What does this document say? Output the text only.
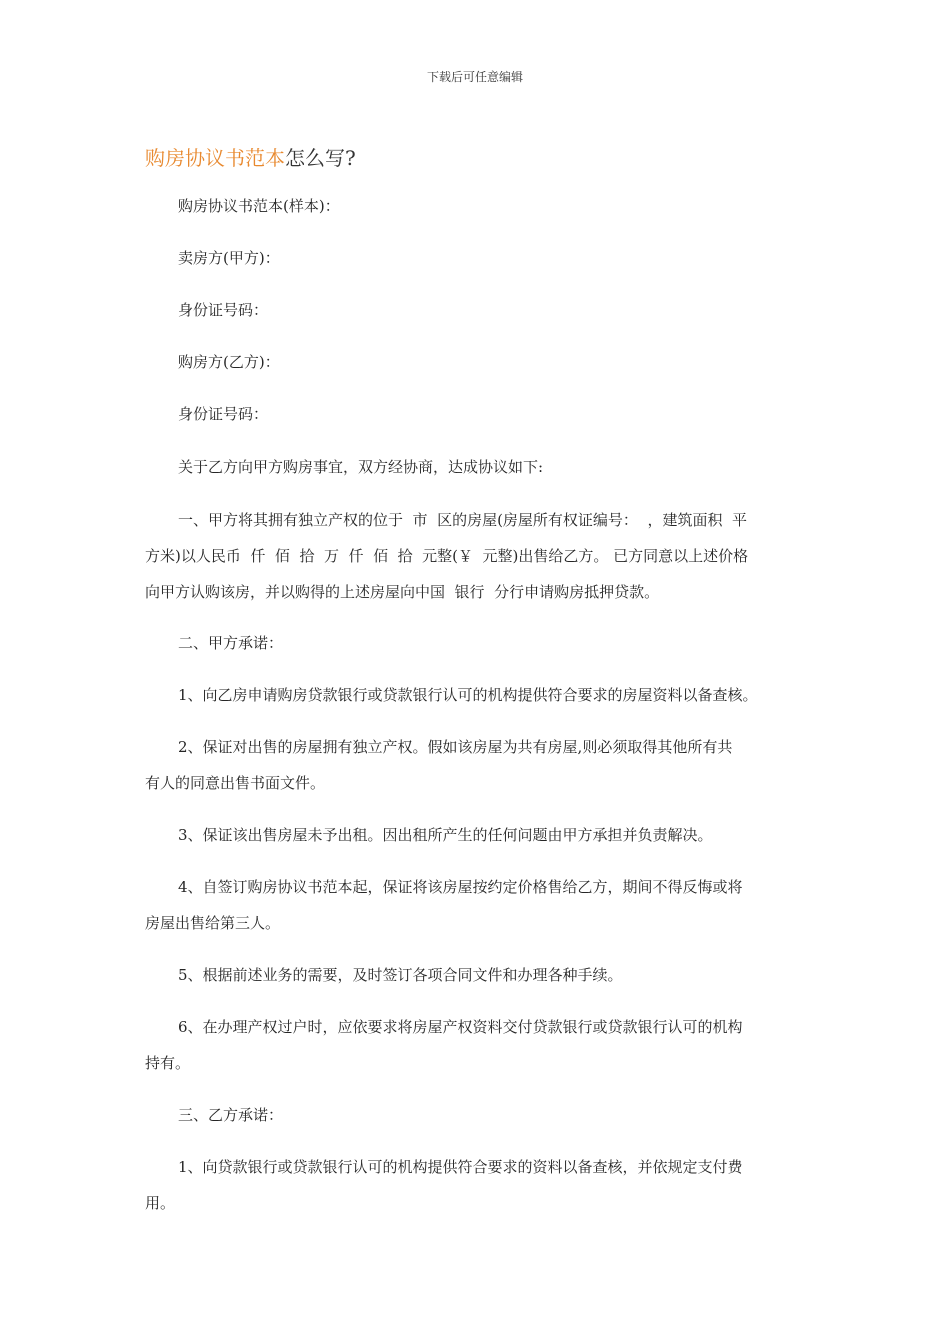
下载后可任意编辑
购房协议书范本怎么写?
购房协议书范本(样本)：
卖房方(甲方)：
身份证号码：
购房方(乙方)：
身份证号码：
关于乙方向甲方购房事宜，双方经协商，达成协议如下:
一、甲方将其拥有独立产权的位于  市  区的房屋(房屋所有权证编号：  ，建筑面积  平
方米)以人民币  仟  佰  拾  万  仟  佰  拾  元整(￥  元整)出售给乙方。 已方同意以上述价格
向甲方认购该房，并以购得的上述房屋向中国  银行  分行申请购房抵押贷款。
二、甲方承诺：
1、向乙房申请购房贷款银行或贷款银行认可的机构提供符合要求的房屋资料以备查核。
2、保证对出售的房屋拥有独立产权。假如该房屋为共有房屋,则必须取得其他所有共
有人的同意出售书面文件。
3、保证该出售房屋未予出租。因出租所产生的任何问题由甲方承担并负责解决。
4、自签订购房协议书范本起，保证将该房屋按约定价格售给乙方，期间不得反悔或将
房屋出售给第三人。
5、根据前述业务的需要，及时签订各项合同文件和办理各种手续。
6、在办理产权过户时，应依要求将房屋产权资料交付贷款银行或贷款银行认可的机构
持有。
三、乙方承诺：
1、向贷款银行或贷款银行认可的机构提供符合要求的资料以备查核，并依规定支付费
用。
